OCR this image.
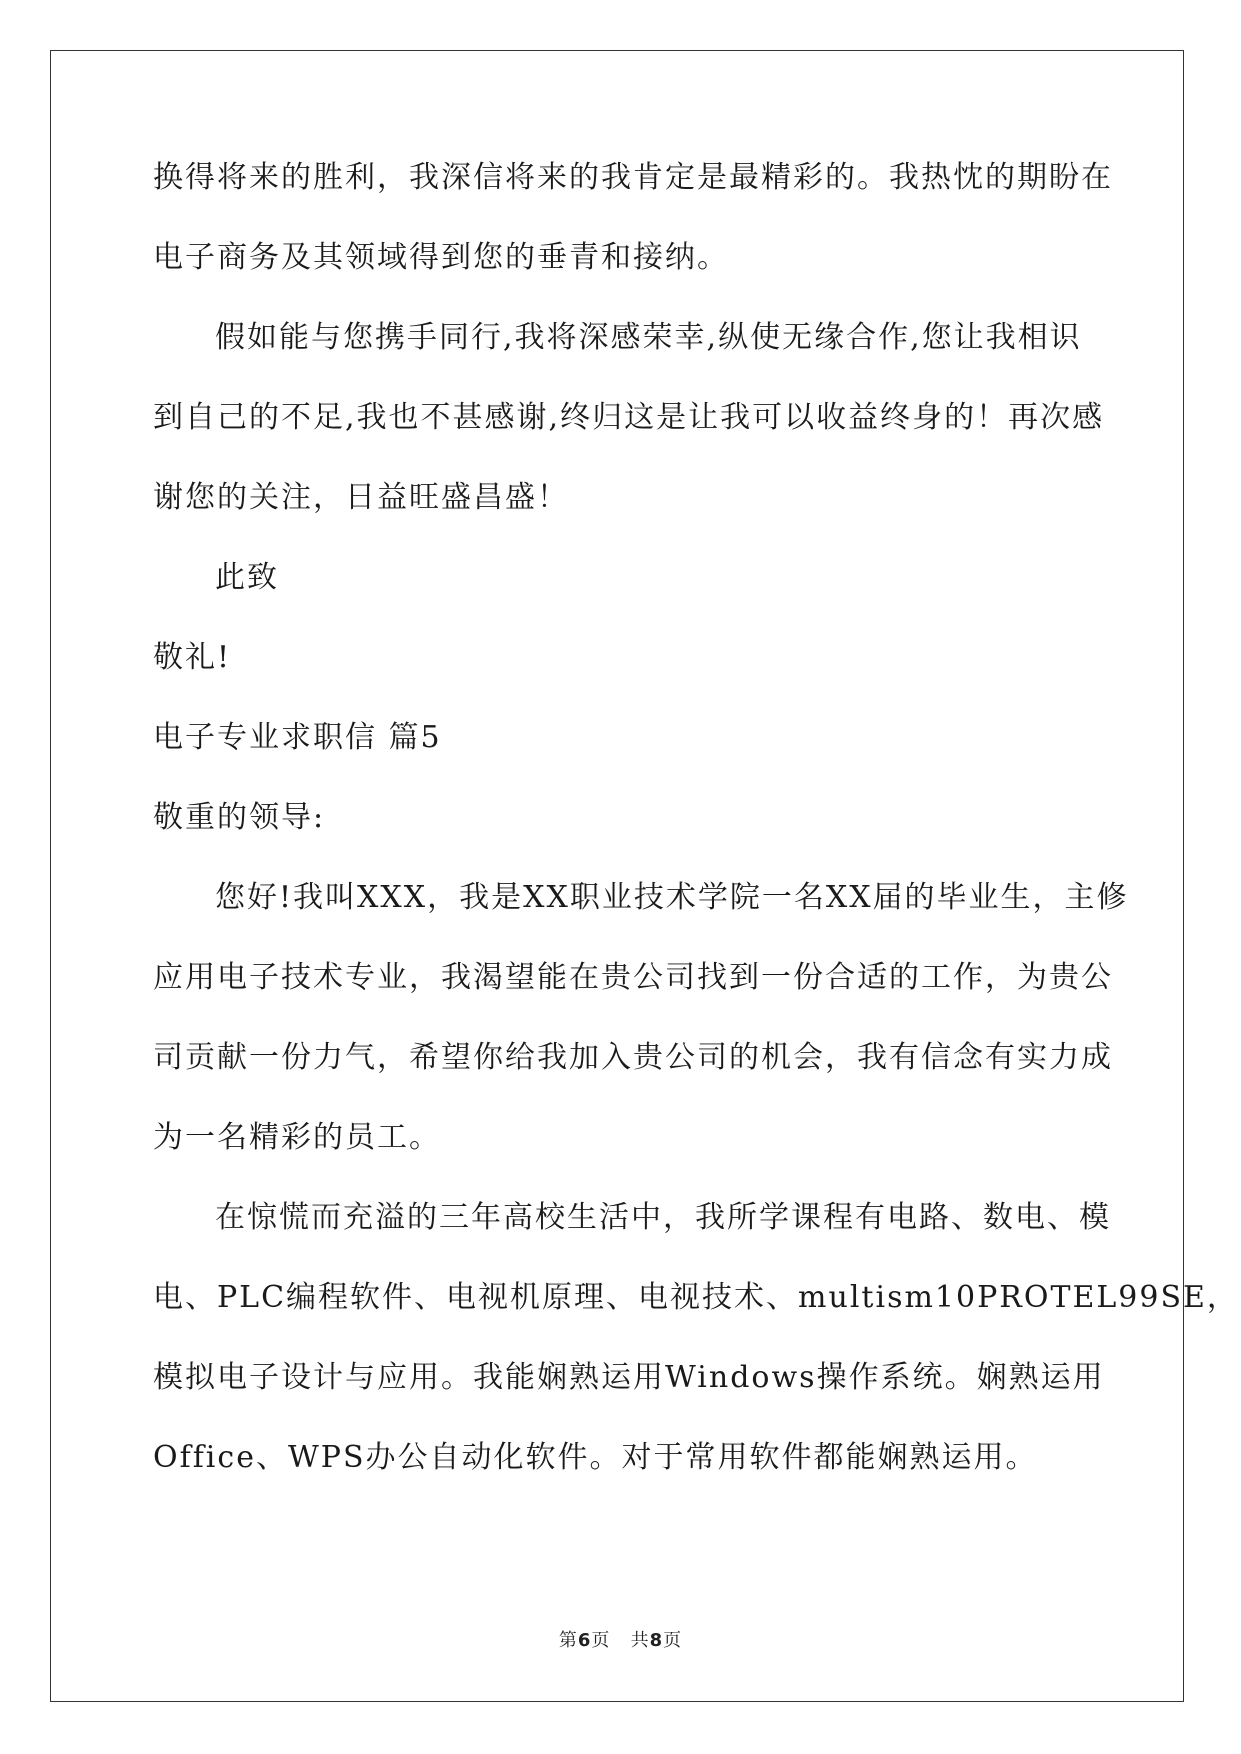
换得将来的胜利，我深信将来的我肯定是最精彩的。我热忱的期盼在
电子商务及其领域得到您的垂青和接纳。
假如能与您携手同行,我将深感荣幸,纵使无缘合作,您让我相识
到自己的不足,我也不甚感谢,终归这是让我可以收益终身的！再次感
谢您的关注，日益旺盛昌盛！
此致
敬礼!
电子专业求职信 篇5
敬重的领导:
您好!我叫XXX，我是XX职业技术学院一名XX届的毕业生，主修
应用电子技术专业，我渴望能在贵公司找到一份合适的工作，为贵公
司贡献一份力气，希望你给我加入贵公司的机会，我有信念有实力成
为一名精彩的员工。
在惊慌而充溢的三年高校生活中，我所学课程有电路、数电、模
电、PLC编程软件、电视机原理、电视技术、multism10PROTEL99SE，
模拟电子设计与应用。我能娴熟运用Windows操作系统。娴熟运用
Office、WPS办公自动化软件。对于常用软件都能娴熟运用。
第6页 共8页
